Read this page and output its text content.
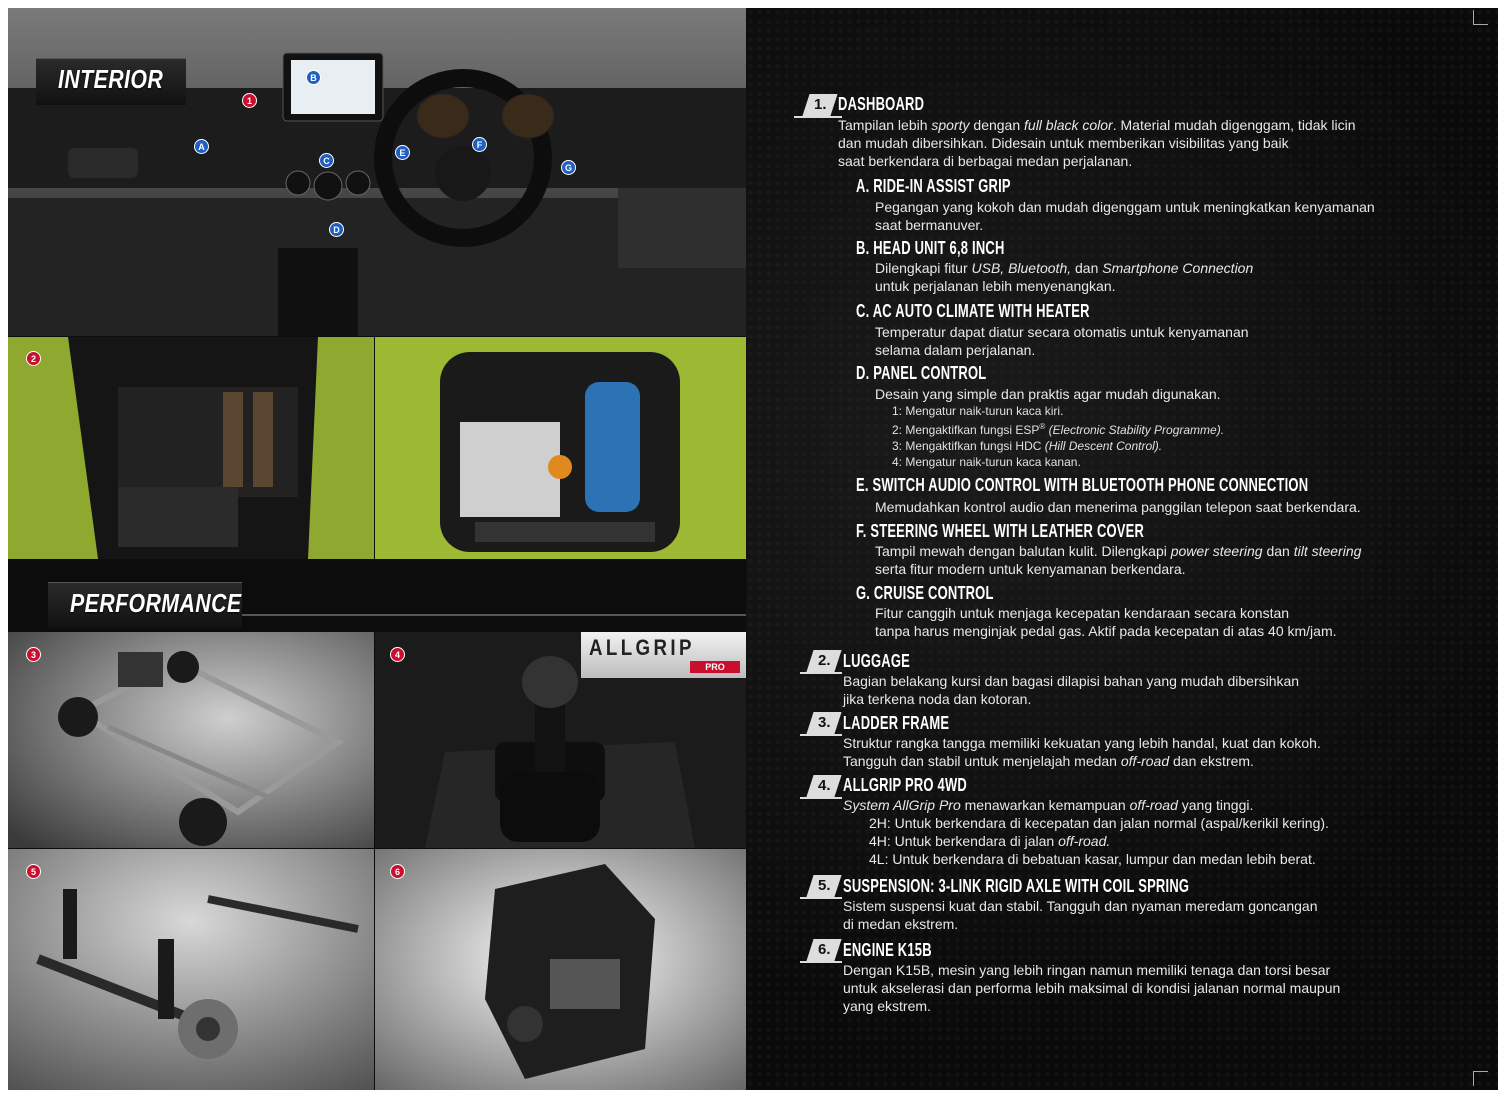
INTERIOR
1
A
B
C
D
E
F
G
2
PERFORMANCE
3	4	ALLGRIP
PRO
5	6
1. DASHBOARD
Tampilan lebih sporty dengan full black color. Material mudah digenggam, tidak licin
dan mudah dibersihkan. Didesain untuk memberikan visibilitas yang baik
saat berkendara di berbagai medan perjalanan.
A. RIDE-IN ASSIST GRIP
Pegangan yang kokoh dan mudah digenggam untuk meningkatkan kenyamanan
saat bermanuver.
B. HEAD UNIT 6,8 INCH
Dilengkapi fitur USB, Bluetooth, dan Smartphone Connection
untuk perjalanan lebih menyenangkan.
C. AC AUTO CLIMATE WITH HEATER
Temperatur dapat diatur secara otomatis untuk kenyamanan
selama dalam perjalanan.
D. PANEL CONTROL
Desain yang simple dan praktis agar mudah digunakan.
1: Mengatur naik-turun kaca kiri.
2: Mengaktifkan fungsi ESP® (Electronic Stability Programme).
3: Mengaktifkan fungsi HDC (Hill Descent Control).
4: Mengatur naik-turun kaca kanan.
E. SWITCH AUDIO CONTROL WITH BLUETOOTH PHONE CONNECTION
Memudahkan kontrol audio dan menerima panggilan telepon saat berkendara.
F. STEERING WHEEL WITH LEATHER COVER
Tampil mewah dengan balutan kulit. Dilengkapi power steering dan tilt steering
serta fitur modern untuk kenyamanan berkendara.
G. CRUISE CONTROL
Fitur canggih untuk menjaga kecepatan kendaraan secara konstan
tanpa harus menginjak pedal gas. Aktif pada kecepatan di atas 40 km/jam.
2. LUGGAGE
Bagian belakang kursi dan bagasi dilapisi bahan yang mudah dibersihkan
jika terkena noda dan kotoran.
3. LADDER FRAME
Struktur rangka tangga memiliki kekuatan yang lebih handal, kuat dan kokoh.
Tangguh dan stabil untuk menjelajah medan off-road dan ekstrem.
4. ALLGRIP PRO 4WD
System AllGrip Pro menawarkan kemampuan off-road yang tinggi.
2H: Untuk berkendara di kecepatan dan jalan normal (aspal/kerikil kering).
4H: Untuk berkendara di jalan off-road.
4L: Untuk berkendara di bebatuan kasar, lumpur dan medan lebih berat.
5. SUSPENSION: 3-LINK RIGID AXLE WITH COIL SPRING
Sistem suspensi kuat dan stabil. Tangguh dan nyaman meredam goncangan
di medan ekstrem.
6. ENGINE K15B
Dengan K15B, mesin yang lebih ringan namun memiliki tenaga dan torsi besar
untuk akselerasi dan performa lebih maksimal di kondisi jalanan normal maupun
yang ekstrem.
